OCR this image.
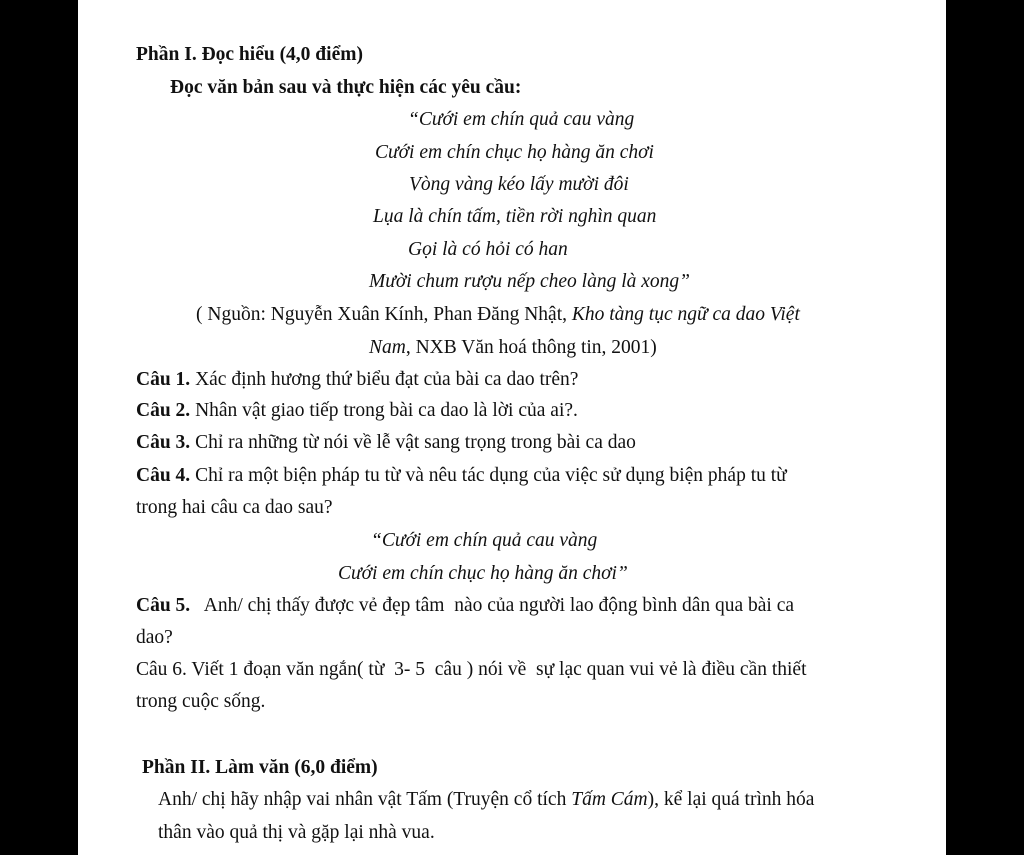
Phần I. Đọc hiểu (4,0 điểm)
Đọc văn bản sau và thực hiện các yêu cầu:
“Cưới em chín quả cau vàng
Cưới em chín chục họ hàng ăn chơi
Vòng vàng kéo lấy mười đôi
Lụa là chín tấm, tiền rời nghìn quan
Gọi là có hỏi có han
Mười chum rượu nếp cheo làng là xong”
( Nguồn: Nguyễn Xuân Kính, Phan Đăng Nhật, Kho tàng tục ngữ ca dao Việt
Nam, NXB Văn hoá thông tin, 2001)
Câu 1. Xác định hương thứ biểu đạt của bài ca dao trên?
Câu 2. Nhân vật giao tiếp trong bài ca dao là lời của ai?.
Câu 3. Chỉ ra những từ nói về lễ vật sang trọng trong bài ca dao
Câu 4. Chỉ ra một biện pháp tu từ và nêu tác dụng của việc sử dụng biện pháp tu từ
trong hai câu ca dao sau?
“Cưới em chín quả cau vàng
Cưới em chín chục họ hàng ăn chơi”
Câu 5.   Anh/ chị thấy được vẻ đẹp tâm  nào của người lao động bình dân qua bài ca
dao?
Câu 6. Viết 1 đoạn văn ngắn( từ  3- 5  câu ) nói về  sự lạc quan vui vẻ là điều cần thiết
trong cuộc sống.
Phần II. Làm văn (6,0 điểm)
Anh/ chị hãy nhập vai nhân vật Tấm (Truyện cổ tích Tấm Cám), kể lại quá trình hóa
thân vào quả thị và gặp lại nhà vua.
